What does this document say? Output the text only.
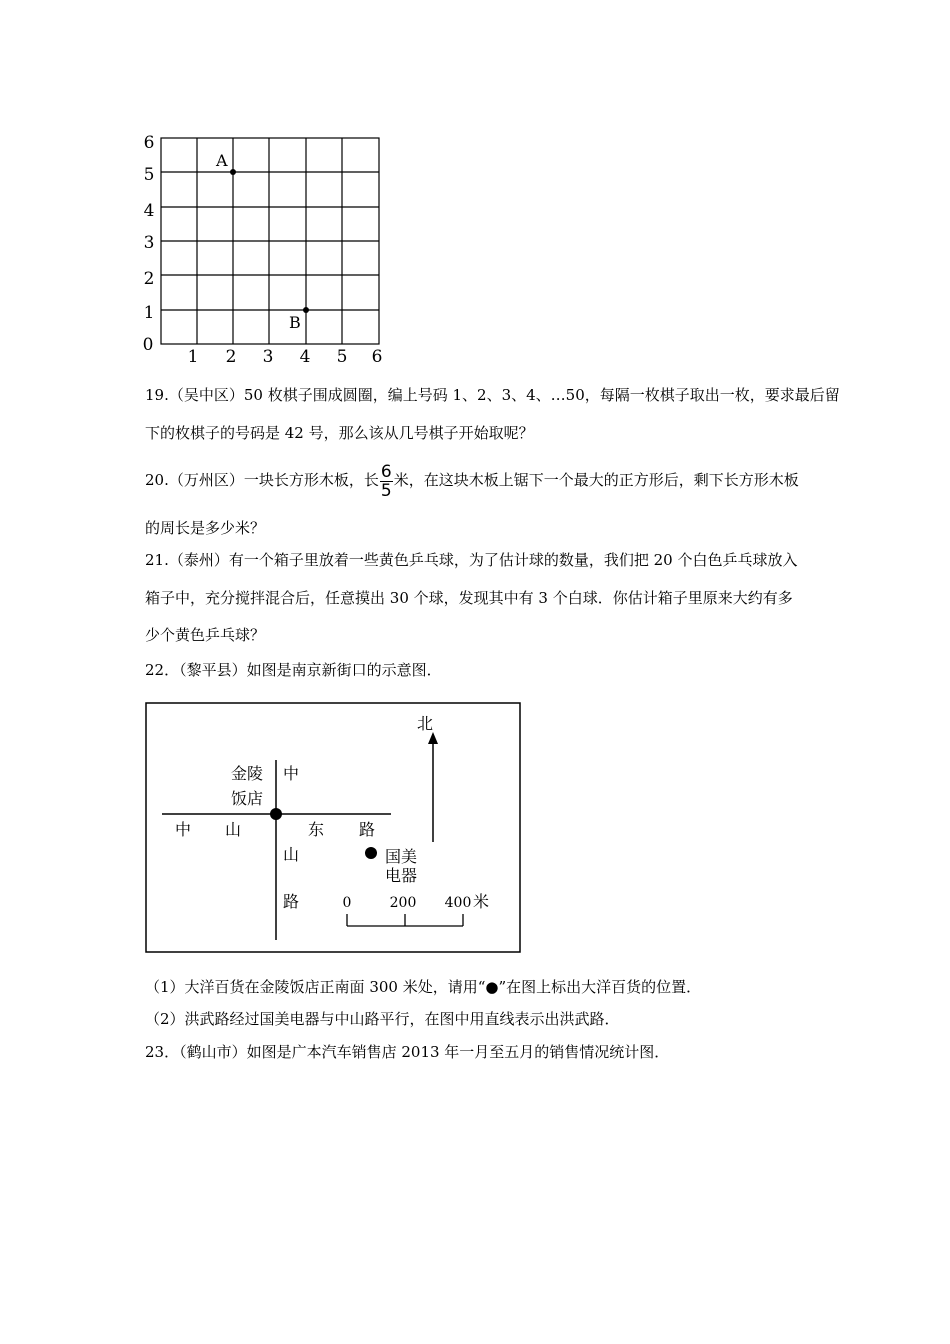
0
1
2
3
4
5
6
1 2 3 4 5 6
A
B
19.（吴中区）50 枚棋子围成圆圈，编上号码 1、2、3、4、…50，每隔一枚棋子取出一枚，要求最后留
下的枚棋子的号码是 42 号，那么该从几号棋子开始取呢？
20.（万州区）一块长方形木板，长 $\frac{6}{5}$ 米，在这块木板上锯下一个最大的正方形后，剩下长方形木板
的周长是多少米？
21.（泰州）有一个箱子里放着一些黄色乒乓球，为了估计球的数量，我们把 20 个白色乒乓球放入
箱子中，充分搅拌混合后，任意摸出 30 个球，发现其中有 3 个白球．你估计箱子里原来大约有多
少个黄色乒乓球？
22．（黎平县）如图是南京新街口的示意图．
北
金陵
饭店
中
中 山	东 路
山
路
国美
电器
米
0	200 400
（1）大洋百货在金陵饭店正南面 300 米处，请用“●”在图上标出大洋百货的位置．
（2）洪武路经过国美电器与中山路平行，在图中用直线表示出洪武路．
23．（鹤山市）如图是广本汽车销售店 2013 年一月至五月的销售情况统计图．
